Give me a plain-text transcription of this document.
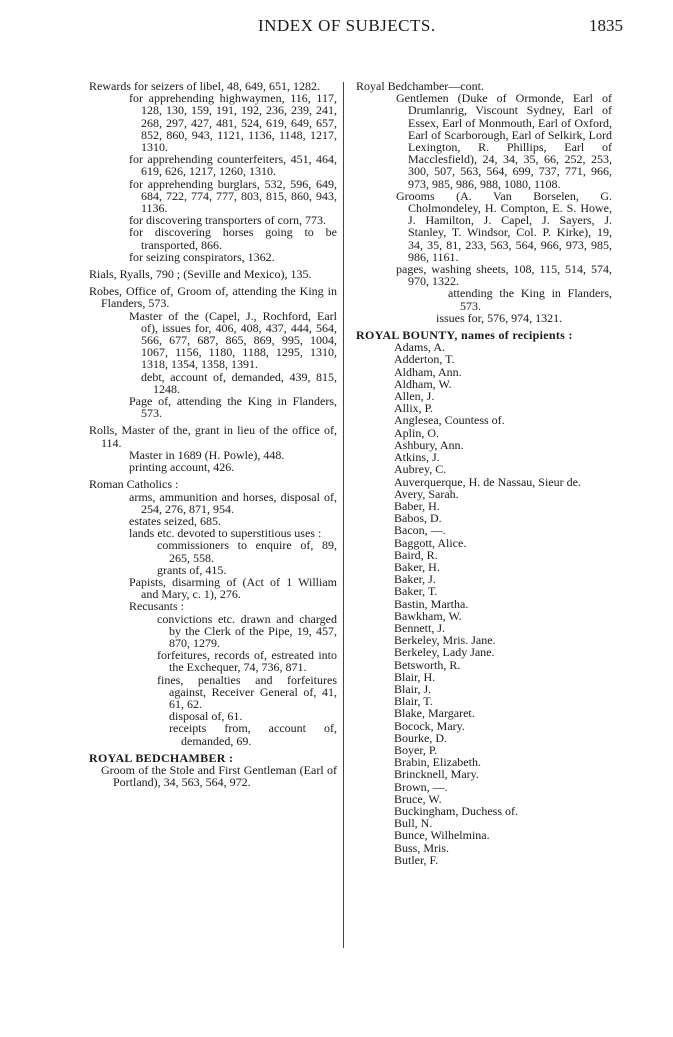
INDEX OF SUBJECTS.	1835
Rewards for seizers of libel, 48, 649, 651, 1282.
for apprehending highwaymen, 116, 117, 128, 130, 159, 191, 192, 236, 239, 241, 268, 297, 427, 481, 524, 619, 649, 657, 852, 860, 943, 1121, 1136, 1148, 1217, 1310.
for apprehending counterfeiters, 451, 464, 619, 626, 1217, 1260, 1310.
for apprehending burglars, 532, 596, 649, 684, 722, 774, 777, 803, 815, 860, 943, 1136.
for discovering transporters of corn, 773.
for discovering horses going to be transported, 866.
for seizing conspirators, 1362.
Rials, Ryalls, 790 ; (Seville and Mexico), 135.
Robes, Office of, Groom of, attending the King in Flanders, 573.
Master of the (Capel, J., Rochford, Earl of), issues for, 406, 408, 437, 444, 564, 566, 677, 687, 865, 869, 995, 1004, 1067, 1156, 1180, 1188, 1295, 1310, 1318, 1354, 1358, 1391.
debt, account of, demanded, 439, 815, 1248.
Page of, attending the King in Flanders, 573.
Rolls, Master of the, grant in lieu of the office of, 114.
Master in 1689 (H. Powle), 448.
printing account, 426.
Roman Catholics :
arms, ammunition and horses, disposal of, 254, 276, 871, 954.
estates seized, 685.
lands etc. devoted to superstitious uses :
commissioners to enquire of, 89, 265, 558.
grants of, 415.
Papists, disarming of (Act of 1 William and Mary, c. 1), 276.
Recusants :
convictions etc. drawn and charged by the Clerk of the Pipe, 19, 457, 870, 1279.
forfeitures, records of, estreated into the Exchequer, 74, 736, 871.
fines, penalties and forfeitures against, Receiver General of, 41, 61, 62.
disposal of, 61.
receipts from, account of, demanded, 69.
ROYAL BEDCHAMBER :
Groom of the Stole and First Gentleman (Earl of Portland), 34, 563, 564, 972.
Royal Bedchamber—cont.
Gentlemen (Duke of Ormonde, Earl of Drumlanrig, Viscount Sydney, Earl of Essex, Earl of Monmouth, Earl of Oxford, Earl of Scarborough, Earl of Selkirk, Lord Lexington, R. Phillips, Earl of Macclesfield), 24, 34, 35, 66, 252, 253, 300, 507, 563, 564, 699, 737, 771, 966, 973, 985, 986, 988, 1080, 1108.
Grooms (A. Van Borselen, G. Cholmondeley, H. Compton, E. S. Howe, J. Hamilton, J. Capel, J. Sayers, J. Stanley, T. Windsor, Col. P. Kirke), 19, 34, 35, 81, 233, 563, 564, 966, 973, 985, 986, 1161.
pages, washing sheets, 108, 115, 514, 574, 970, 1322.
attending the King in Flanders, 573.
issues for, 576, 974, 1321.
ROYAL BOUNTY, names of recipients :
Adams, A.
Adderton, T.
Aldham, Ann.
Aldham, W.
Allen, J.
Allix, P.
Anglesea, Countess of.
Aplin, O.
Ashbury, Ann.
Atkins, J.
Aubrey, C.
Auverquerque, H. de Nassau, Sieur de.
Avery, Sarah.
Baber, H.
Babos, D.
Bacon, —.
Baggott, Alice.
Baird, R.
Baker, H.
Baker, J.
Baker, T.
Bastin, Martha.
Bawkham, W.
Bennett, J.
Berkeley, Mris. Jane.
Berkeley, Lady Jane.
Betsworth, R.
Blair, H.
Blair, J.
Blair, T.
Blake, Margaret.
Bocock, Mary.
Bourke, D.
Boyer, P.
Brabin, Elizabeth.
Brincknell, Mary.
Brown, —.
Bruce, W.
Buckingham, Duchess of.
Bull, N.
Bunce, Wilhelmina.
Buss, Mris.
Butler, F.
